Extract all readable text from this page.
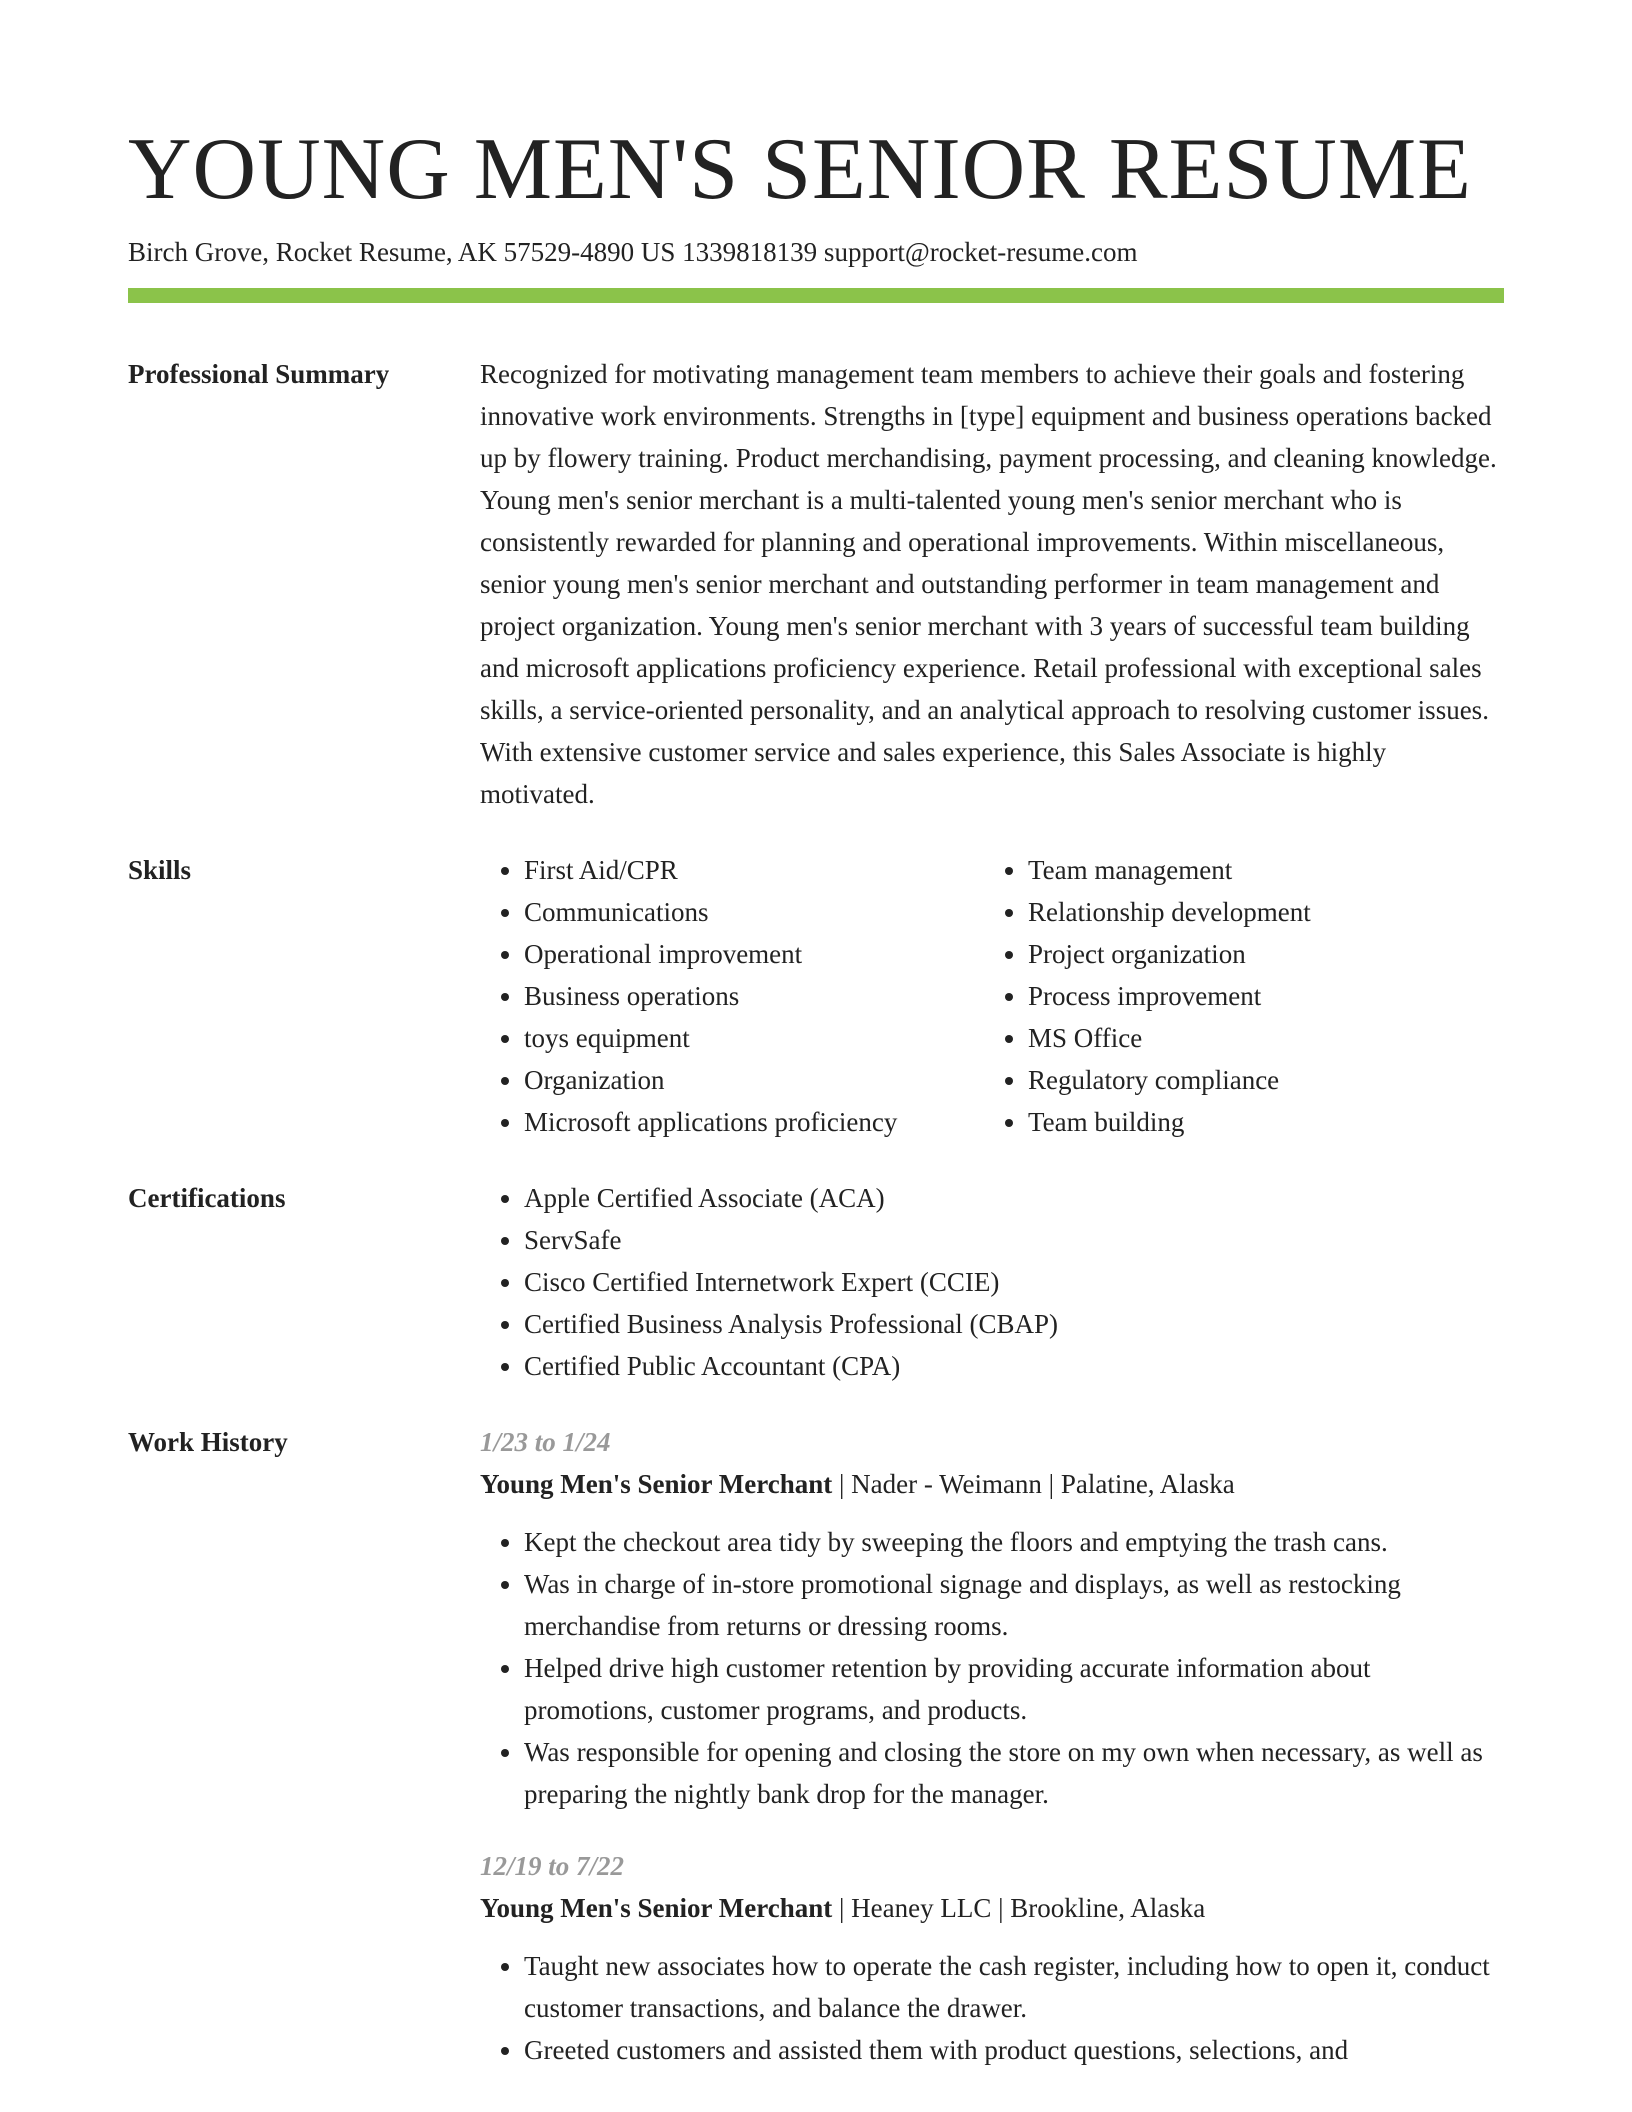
YOUNG MEN'S SENIOR RESUME
Birch Grove, Rocket Resume, AK 57529-4890 US 1339818139 support@rocket-resume.com
Professional Summary	Recognized for motivating management team members to achieve their goals and fostering innovative work environments. Strengths in [type] equipment and business operations backed up by flowery training. Product merchandising, payment processing, and cleaning knowledge. Young men's senior merchant is a multi-talented young men's senior merchant who is consistently rewarded for planning and operational improvements. Within miscellaneous, senior young men's senior merchant and outstanding performer in team management and project organization. Young men's senior merchant with 3 years of successful team building and microsoft applications proficiency experience. Retail professional with exceptional sales skills, a service-oriented personality, and an analytical approach to resolving customer issues. With extensive customer service and sales experience, this Sales Associate is highly motivated.

Skills	• First Aid/CPR
• Communications
• Operational improvement
• Business operations
• toys equipment
• Organization
• Microsoft applications proficiency
• Team management
• Relationship development
• Project organization
• Process improvement
• MS Office
• Regulatory compliance
• Team building
Certifications	• Apple Certified Associate (ACA)
• ServSafe
• Cisco Certified Internetwork Expert (CCIE)
• Certified Business Analysis Professional (CBAP)
• Certified Public Accountant (CPA)
Work History	1/23 to 1/24
Young Men's Senior Merchant | Nader - Weimann | Palatine, Alaska
• Kept the checkout area tidy by sweeping the floors and emptying the trash cans.
• Was in charge of in-store promotional signage and displays, as well as restocking merchandise from returns or dressing rooms.
• Helped drive high customer retention by providing accurate information about promotions, customer programs, and products.
• Was responsible for opening and closing the store on my own when necessary, as well as preparing the nightly bank drop for the manager.
12/19 to 7/22
Young Men's Senior Merchant | Heaney LLC | Brookline, Alaska
• Taught new associates how to operate the cash register, including how to open it, conduct customer transactions, and balance the drawer.
• Greeted customers and assisted them with product questions, selections, and
